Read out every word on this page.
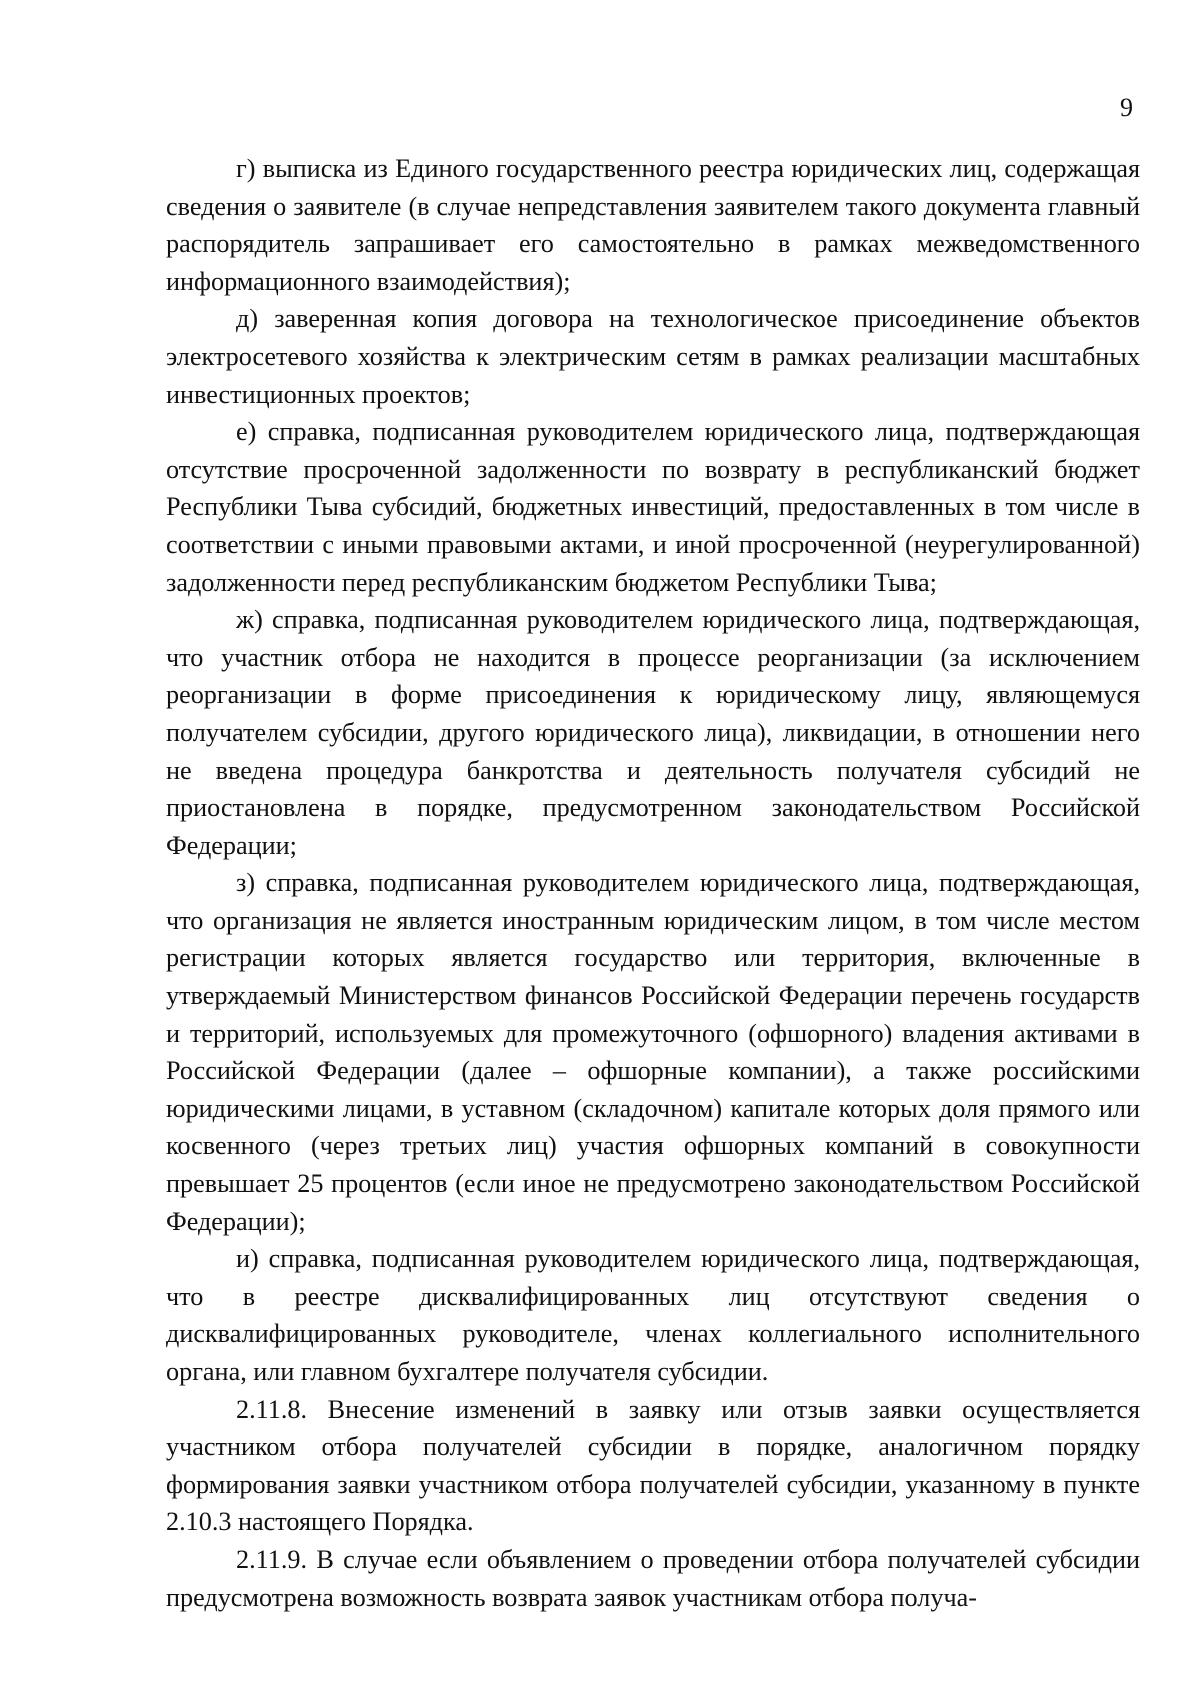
9

г) выписка из Единого государственного реестра юридических лиц, содержащая сведения о заявителе (в случае непредставления заявителем такого документа главный распорядитель запрашивает его самостоятельно в рамках межведомственного информационного взаимодействия);

д) заверенная копия договора на технологическое присоединение объектов электросетевого хозяйства к электрическим сетям в рамках реализации масштабных инвестиционных проектов;

е) справка, подписанная руководителем юридического лица, подтверждающая отсутствие просроченной задолженности по возврату в республиканский бюджет Республики Тыва субсидий, бюджетных инвестиций, предоставленных в том числе в соответствии с иными правовыми актами, и иной просроченной (неурегулированной) задолженности перед республиканским бюджетом Республики Тыва;

ж) справка, подписанная руководителем юридического лица, подтверждающая, что участник отбора не находится в процессе реорганизации (за исключением реорганизации в форме присоединения к юридическому лицу, являющемуся получателем субсидии, другого юридического лица), ликвидации, в отношении него не введена процедура банкротства и деятельность получателя субсидий не приостановлена в порядке, предусмотренном законодательством Российской Федерации;

з) справка, подписанная руководителем юридического лица, подтверждающая, что организация не является иностранным юридическим лицом, в том числе местом регистрации которых является государство или территория, включенные в утверждаемый Министерством финансов Российской Федерации перечень государств и территорий, используемых для промежуточного (офшорного) владения активами в Российской Федерации (далее – офшорные компании), а также российскими юридическими лицами, в уставном (складочном) капитале которых доля прямого или косвенного (через третьих лиц) участия офшорных компаний в совокупности превышает 25 процентов (если иное не предусмотрено законодательством Российской Федерации);

и) справка, подписанная руководителем юридического лица, подтверждающая, что в реестре дисквалифицированных лиц отсутствуют сведения о дисквалифицированных руководителе, членах коллегиального исполнительного органа, или главном бухгалтере получателя субсидии.

2.11.8. Внесение изменений в заявку или отзыв заявки осуществляется участником отбора получателей субсидии в порядке, аналогичном порядку формирования заявки участником отбора получателей субсидии, указанному в пункте 2.10.3 настоящего Порядка.

2.11.9. В случае если объявлением о проведении отбора получателей субсидии предусмотрена возможность возврата заявок участникам отбора получа-
